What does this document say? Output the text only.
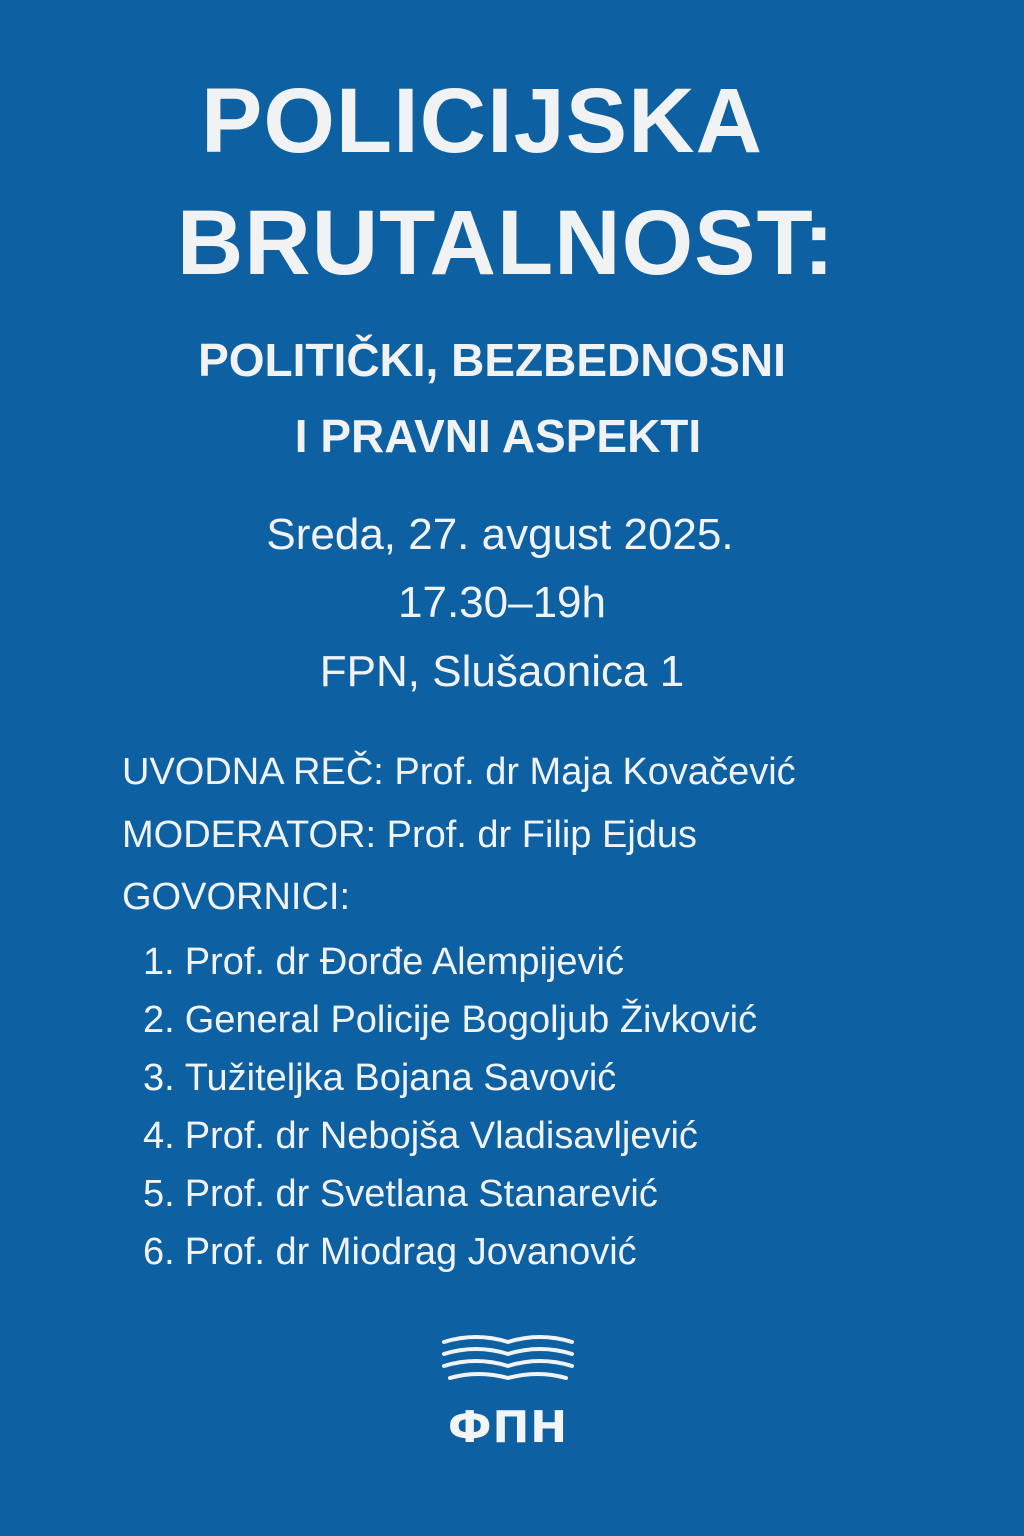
POLICIJSKA
BRUTALNOST:
POLITIČKI, BEZBEDNOSNI
I PRAVNI ASPEKTI
Sreda, 27. avgust 2025.
17.30–19h
FPN, Slušaonica 1
UVODNA REČ: Prof. dr Maja Kovačević
MODERATOR: Prof. dr Filip Ejdus
GOVORNICI:
1. Prof. dr Đorđe Alempijević
2. General Policije Bogoljub Živković
3. Tužiteljka Bojana Savović
4. Prof. dr Nebojša Vladisavljević
5. Prof. dr Svetlana Stanarević
6. Prof. dr Miodrag Jovanović
ФПН
